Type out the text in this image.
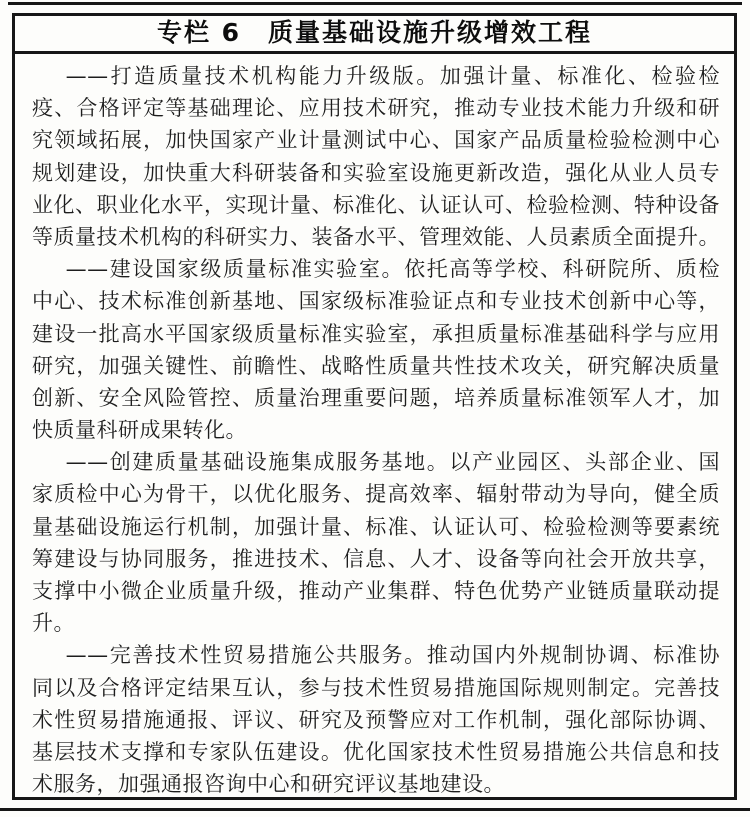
专栏 6　质量基础设施升级增效工程
——打造质量技术机构能力升级版。加强计量、标准化、检验检
疫、合格评定等基础理论、应用技术研究，推动专业技术能力升级和研
究领域拓展，加快国家产业计量测试中心、国家产品质量检验检测中心
规划建设，加快重大科研装备和实验室设施更新改造，强化从业人员专
业化、职业化水平，实现计量、标准化、认证认可、检验检测、特种设备
等质量技术机构的科研实力、装备水平、管理效能、人员素质全面提升。
——建设国家级质量标准实验室。依托高等学校、科研院所、质检
中心、技术标准创新基地、国家级标准验证点和专业技术创新中心等，
建设一批高水平国家级质量标准实验室，承担质量标准基础科学与应用
研究，加强关键性、前瞻性、战略性质量共性技术攻关，研究解决质量
创新、安全风险管控、质量治理重要问题，培养质量标准领军人才，加
快质量科研成果转化。
——创建质量基础设施集成服务基地。以产业园区、头部企业、国
家质检中心为骨干，以优化服务、提高效率、辐射带动为导向，健全质
量基础设施运行机制，加强计量、标准、认证认可、检验检测等要素统
筹建设与协同服务，推进技术、信息、人才、设备等向社会开放共享，
支撑中小微企业质量升级，推动产业集群、特色优势产业链质量联动提
升。
——完善技术性贸易措施公共服务。推动国内外规制协调、标准协
同以及合格评定结果互认，参与技术性贸易措施国际规则制定。完善技
术性贸易措施通报、评议、研究及预警应对工作机制，强化部际协调、
基层技术支撑和专家队伍建设。优化国家技术性贸易措施公共信息和技
术服务，加强通报咨询中心和研究评议基地建设。
